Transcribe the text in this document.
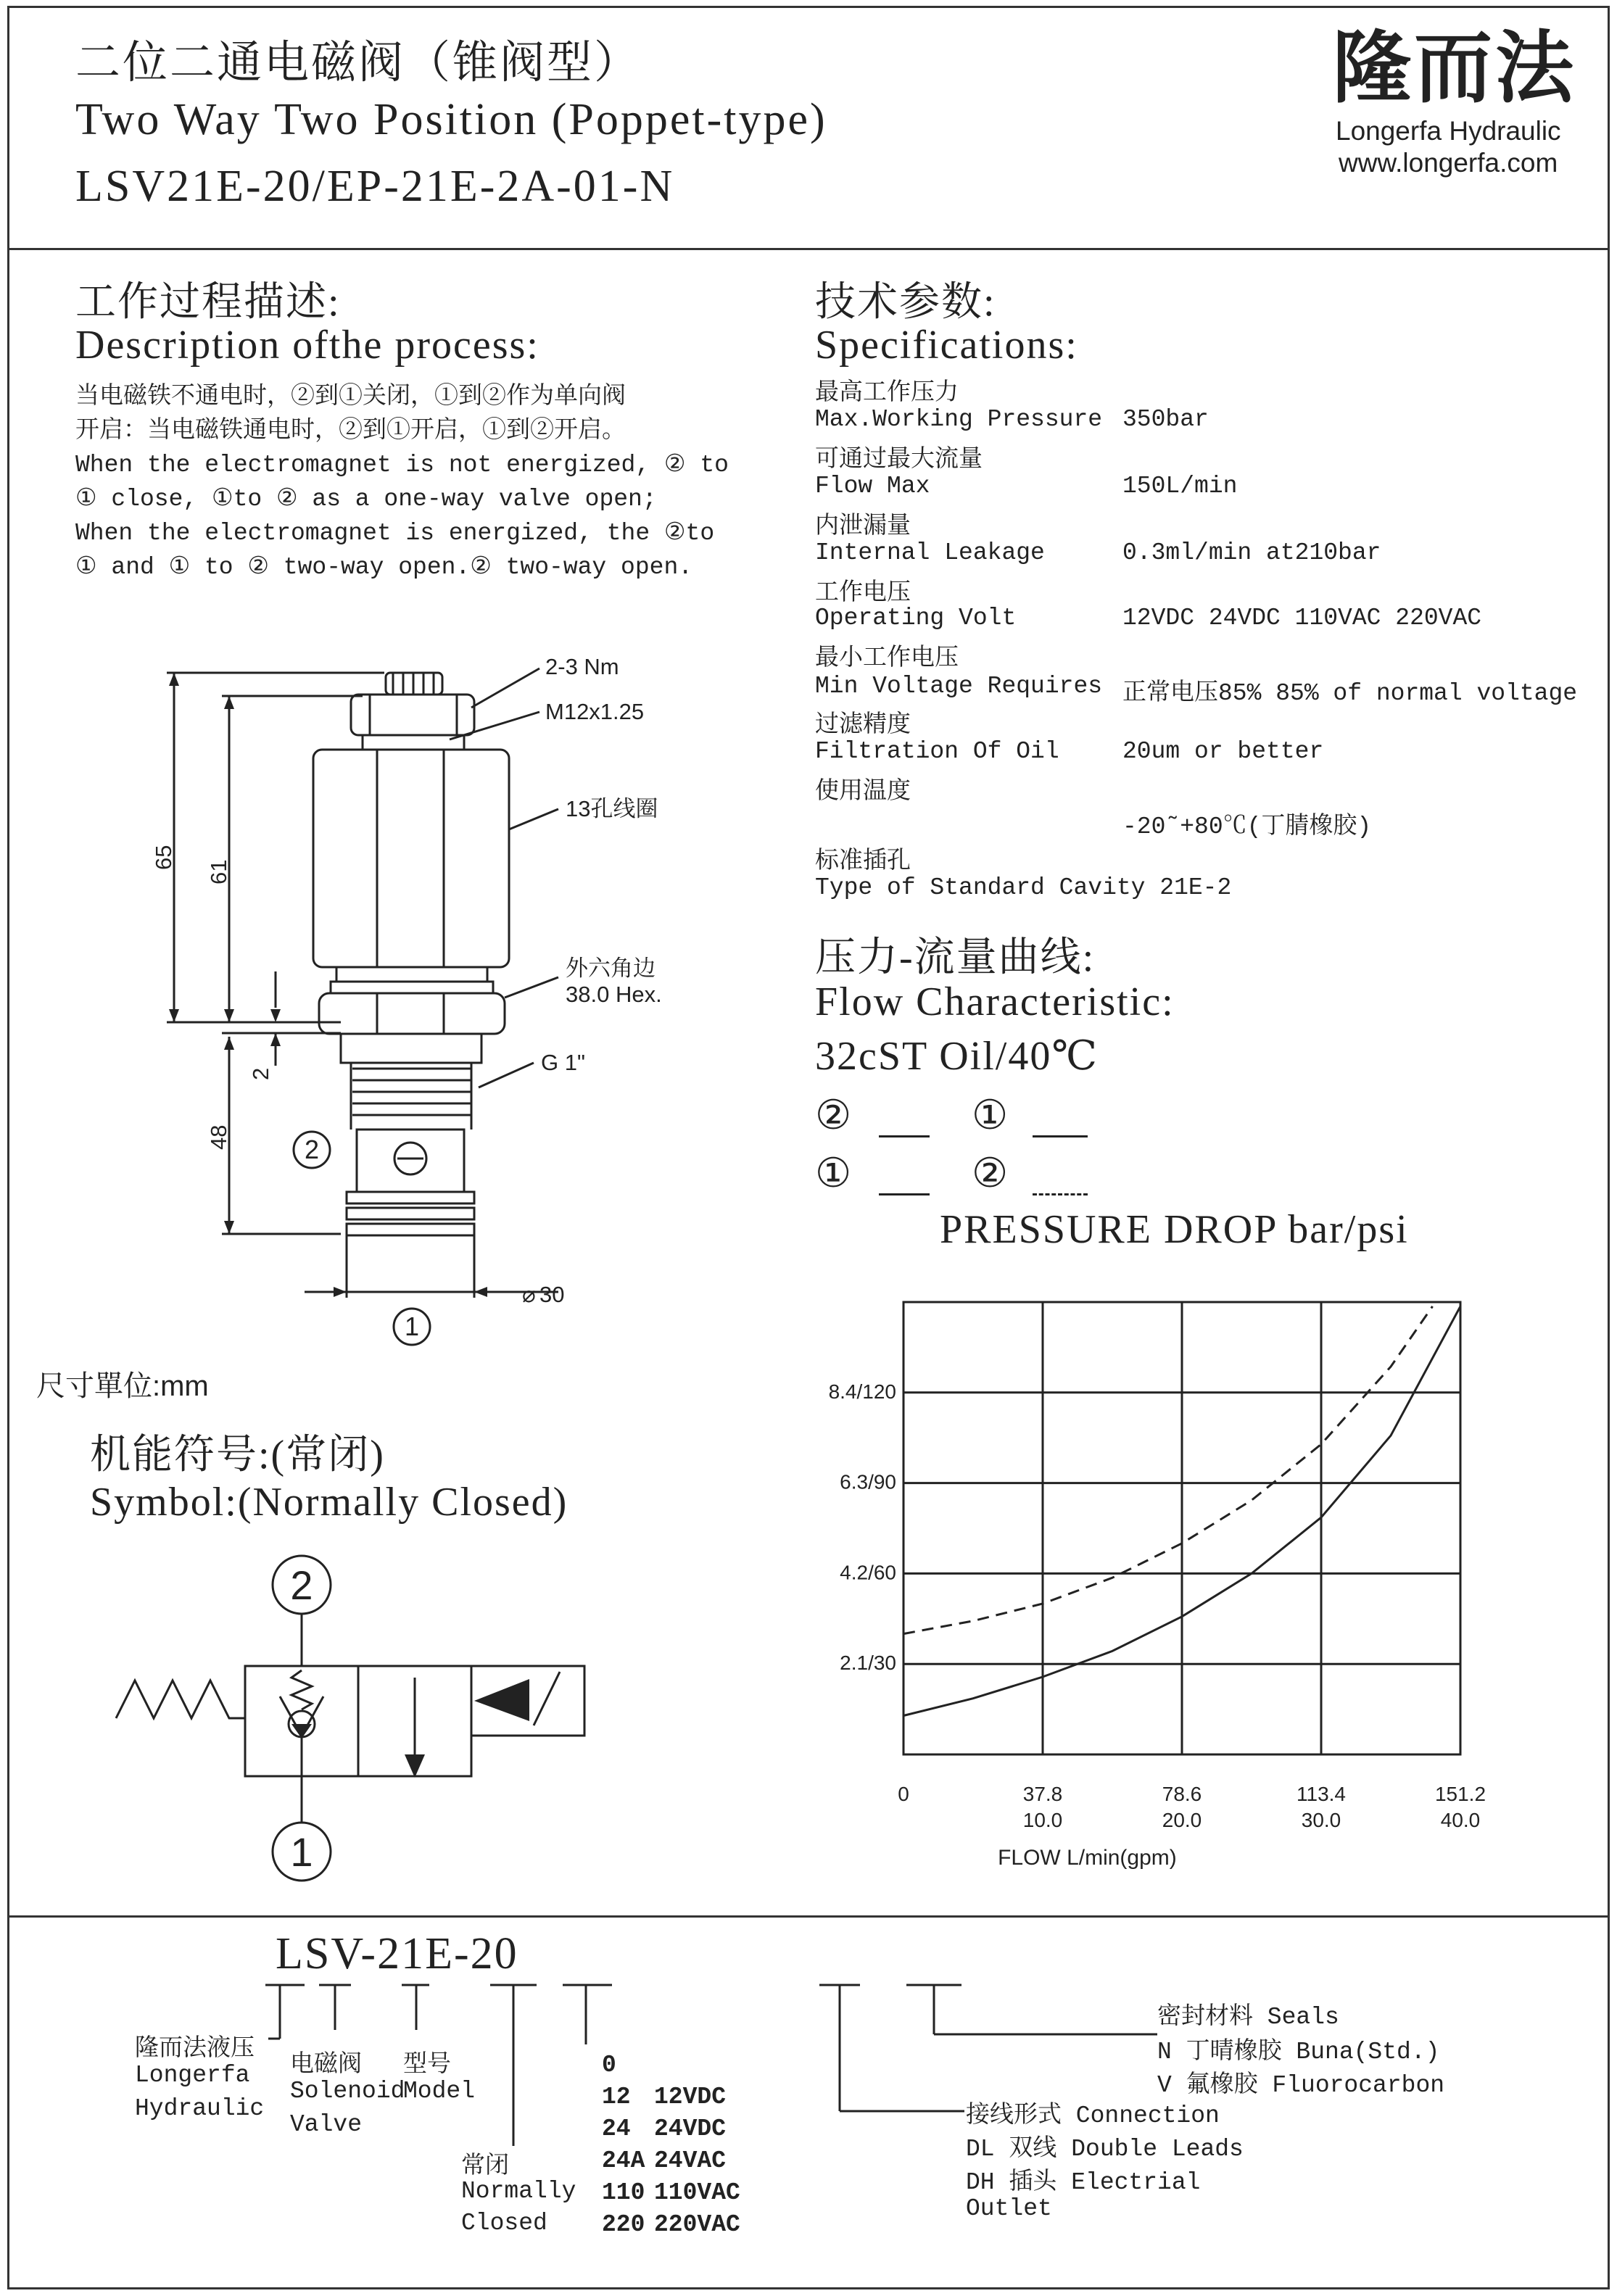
二位二通电磁阀（锥阀型）
Two Way Two Position (Poppet-type)
LSV21E-20/EP-21E-2A-01-N
隆而法
Longerfa Hydraulic
www.longerfa.com
工作过程描述:
Description ofthe process:
当电磁铁不通电时，②到①关闭，①到②作为单向阀
开启：当电磁铁通电时，②到①开启，①到②开启。
When the electromagnet is not energized, ② to
① close, ①to ② as a one-way valve open;
When the electromagnet is energized, the ②to
① and ① to ② two-way open.② two-way open.
2-3 Nm
M12x1.25
13孔线圈
外六角边
38.0 Hex.
G 1"
⌀ 30
65
61
2
48	2
1
尺寸單位:mm
机能符号:(常闭)
Symbol:(Normally Closed)
2
1
技术参数:
Specifications:
最高工作压力
Max.Working Pressure 350bar
可通过最大流量
Flow Max	150L/min
内泄漏量
Internal Leakage	0.3ml/min at210bar
工作电压
Operating Volt	12VDC 24VDC 110VAC 220VAC
最小工作电压
Min Voltage Requires 正常电压85% 85% of normal voltage
过滤精度
Filtration Of Oil	20um or better
使用温度
-20˜+80℃(丁腈橡胶)
标准插孔
Type of Standard Cavity 21E-2
压力-流量曲线:
Flow Characteristic:
32cST Oil/40℃
②	①
①	②
PRESSURE DROP bar/psi
2.1/30
4.2/60
6.3/90
8.4/120
0	37.8
10.0
78.6
20.0
113.4
30.0
151.2
40.0
FLOW L/min(gpm)
LSV-21E-20
隆而法液压
Longerfa
Hydraulic
电磁阀
Solenoid
Valve
型号
Model
常闭
Normally
Closed
0
12 12VDC
24 24VDC
24A 24VAC
110 110VAC
220 220VAC
接线形式 Connection
DL 双线 Double Leads
DH 插头 Electrial
Outlet
密封材料 Seals
N 丁晴橡胶 Buna(Std.)
V 氟橡胶 Fluorocarbon
